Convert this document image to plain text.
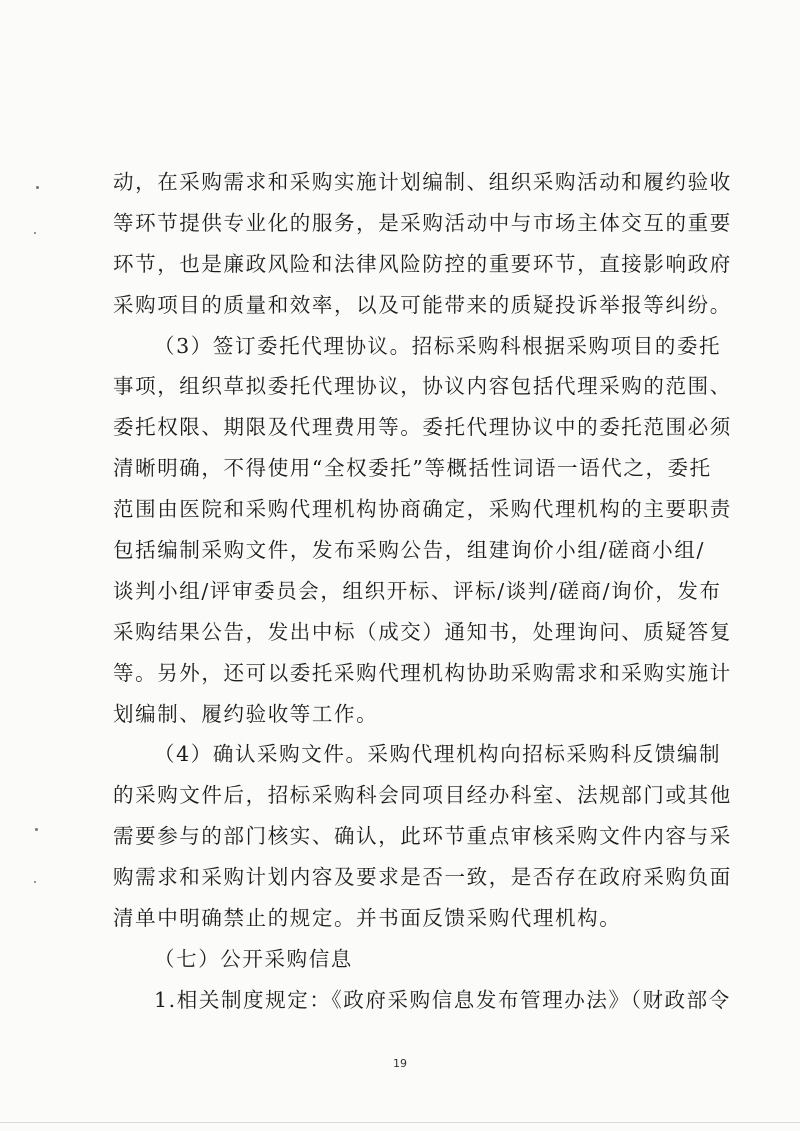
动，在采购需求和采购实施计划编制、组织采购活动和履约验收
等环节提供专业化的服务，是采购活动中与市场主体交互的重要
环节，也是廉政风险和法律风险防控的重要环节，直接影响政府
采购项目的质量和效率，以及可能带来的质疑投诉举报等纠纷。
（3）签订委托代理协议。招标采购科根据采购项目的委托
事项，组织草拟委托代理协议，协议内容包括代理采购的范围、
委托权限、期限及代理费用等。委托代理协议中的委托范围必须
清晰明确，不得使用“全权委托”等概括性词语一语代之，委托
范围由医院和采购代理机构协商确定，采购代理机构的主要职责
包括编制采购文件，发布采购公告，组建询价小组/磋商小组/
谈判小组/评审委员会，组织开标、评标/谈判/磋商/询价，发布
采购结果公告，发出中标（成交）通知书，处理询问、质疑答复
等。另外，还可以委托采购代理机构协助采购需求和采购实施计
划编制、履约验收等工作。
（4）确认采购文件。采购代理机构向招标采购科反馈编制
的采购文件后，招标采购科会同项目经办科室、法规部门或其他
需要参与的部门核实、确认，此环节重点审核采购文件内容与采
购需求和采购计划内容及要求是否一致，是否存在政府采购负面
清单中明确禁止的规定。并书面反馈采购代理机构。
（七）公开采购信息
1.相关制度规定：《政府采购信息发布管理办法》（财政部令
19
